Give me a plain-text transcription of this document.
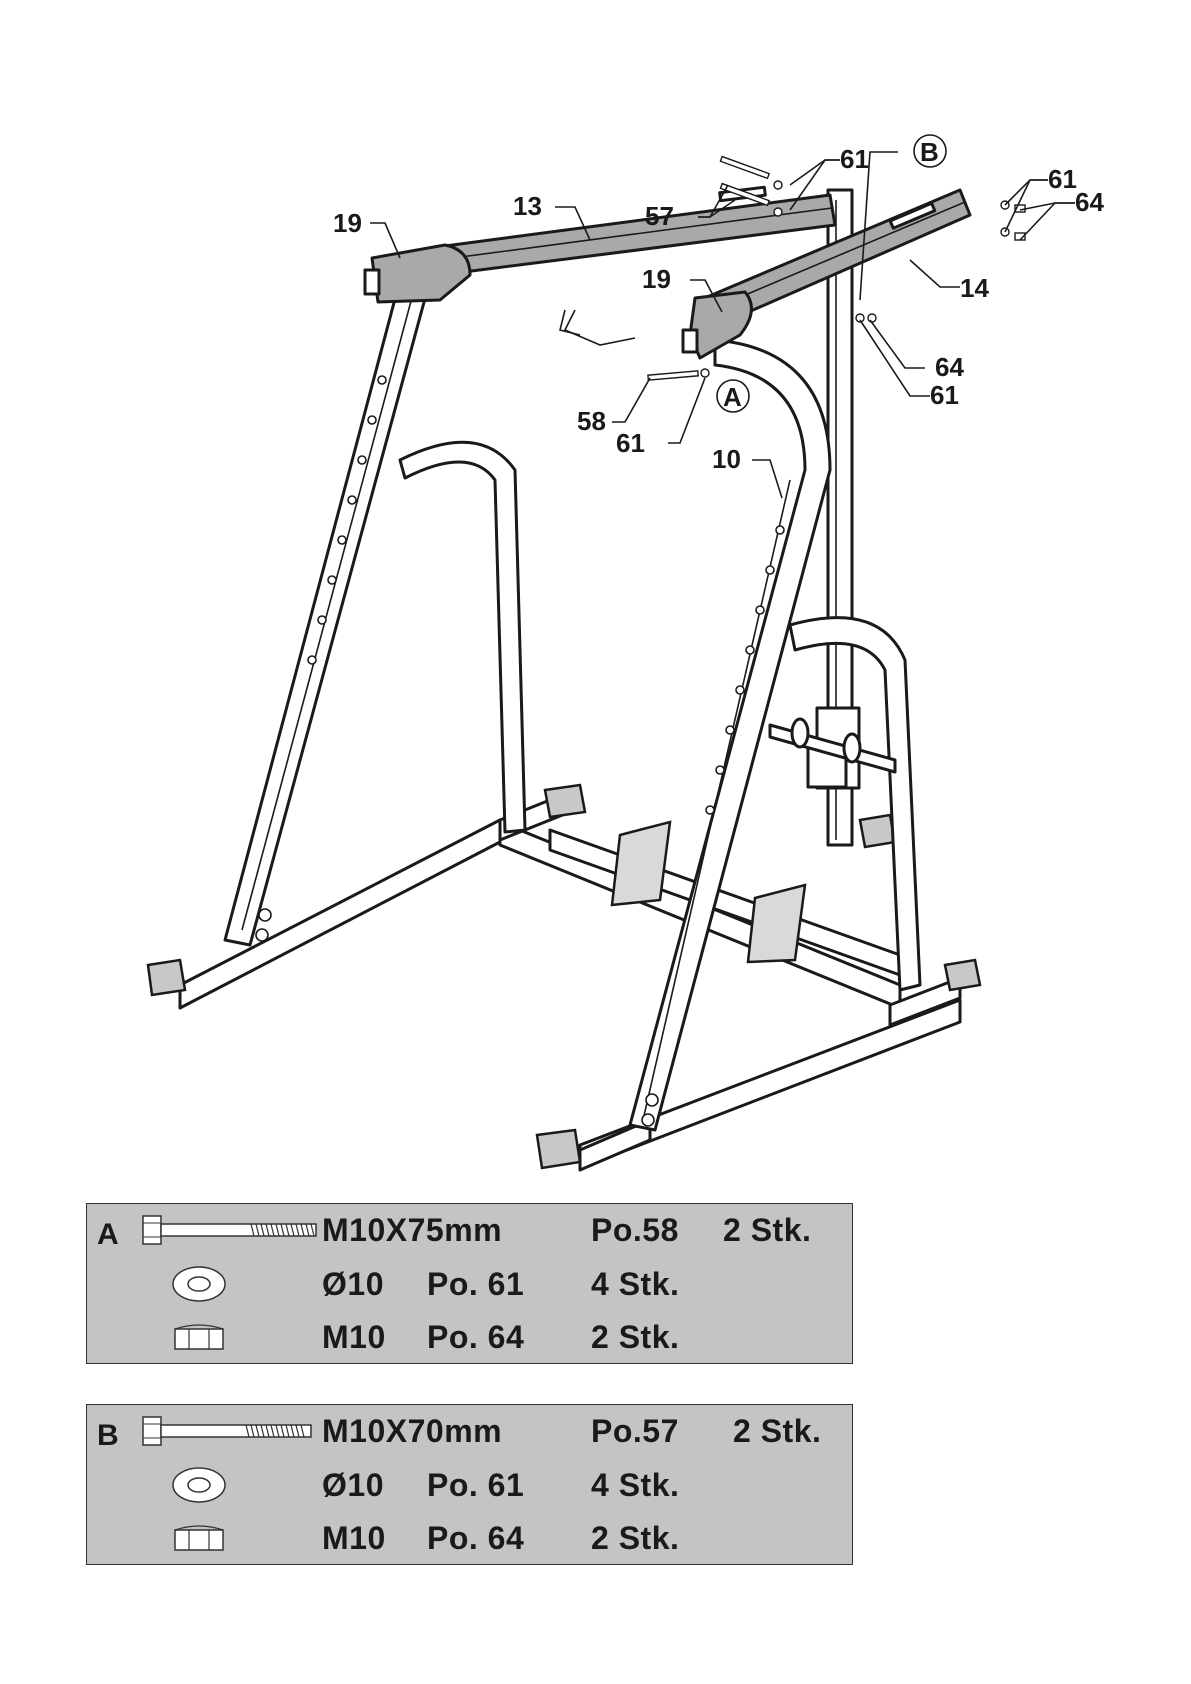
19
13	57
61 B
61
64
19	14
64
61
A
58
61
10
A	M10X75mm	Po.58 2 Stk.
Ø10 Po. 61 4 Stk.
M10 Po. 64 2 Stk.
B	M10X70mm	Po.57 2 Stk.
Ø10 Po. 61 4 Stk.
M10 Po. 64 2 Stk.
